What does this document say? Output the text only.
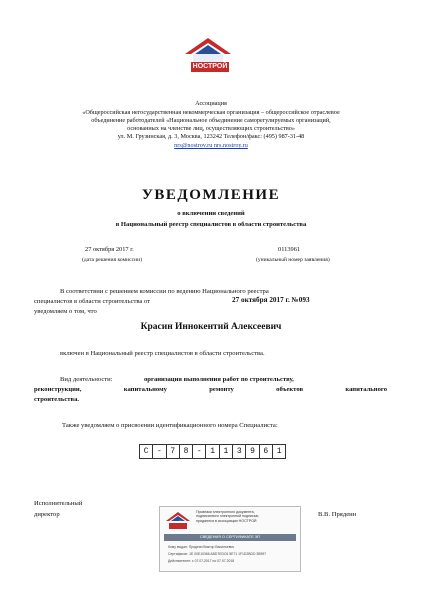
НОСТРОЙ
Ассоциация
«Общероссийская негосударственная некоммерческая организация – общероссийское отраслевое
объединение работодателей «Национальное объединение саморегулируемых организаций,
основанных на членстве лиц, осуществляющих строительство»
ул. М. Грузинская, д. 3, Москва, 123242 Телефон/факс: (495) 987-31-48
nrs@nostrov.ru nrs.nostroy.ru
УВЕДОМЛЕНИЕ
о включении сведений
в Национальный реестр специалистов в области строительства
27 октября 2017 г.
(дата решения комиссии)
0113961
(уникальный номер заявления)
В соответствии с решением комиссии по ведению Национального реестра
специалистов в области строительства от	27 октября 2017 г. №093
уведомляем о том, что
Красин Иннокентий Алексеевич
включен в Национальный реестр специалистов в области строительства.
Вид деятельности:	организация выполнения работ по строительству,
реконструкции, капитальному ремонту объектов капитального
строительства.
Также уведомляем о присвоении идентификационного номера Специалиста:
С	-	7	8	-	1	1	3	9	6	1
Исполнительный
директор	В.В. Прядеин
НОСТРОЙ
Признаки электронного документа,
подписанного электронной подписью,
придаются в ассоциации НОСТРОЙ
СВЕДЕНИЯ О СЕРТИФИКАТЕ ЭП
Кому выдан: Прядеин Виктор Васильевич
Сертификат: 1E 00E10366 ABD7EDC6 5E71 1F1D2BDD 3B997
Действителен: с 07.07.2017 по 07.07.2018
